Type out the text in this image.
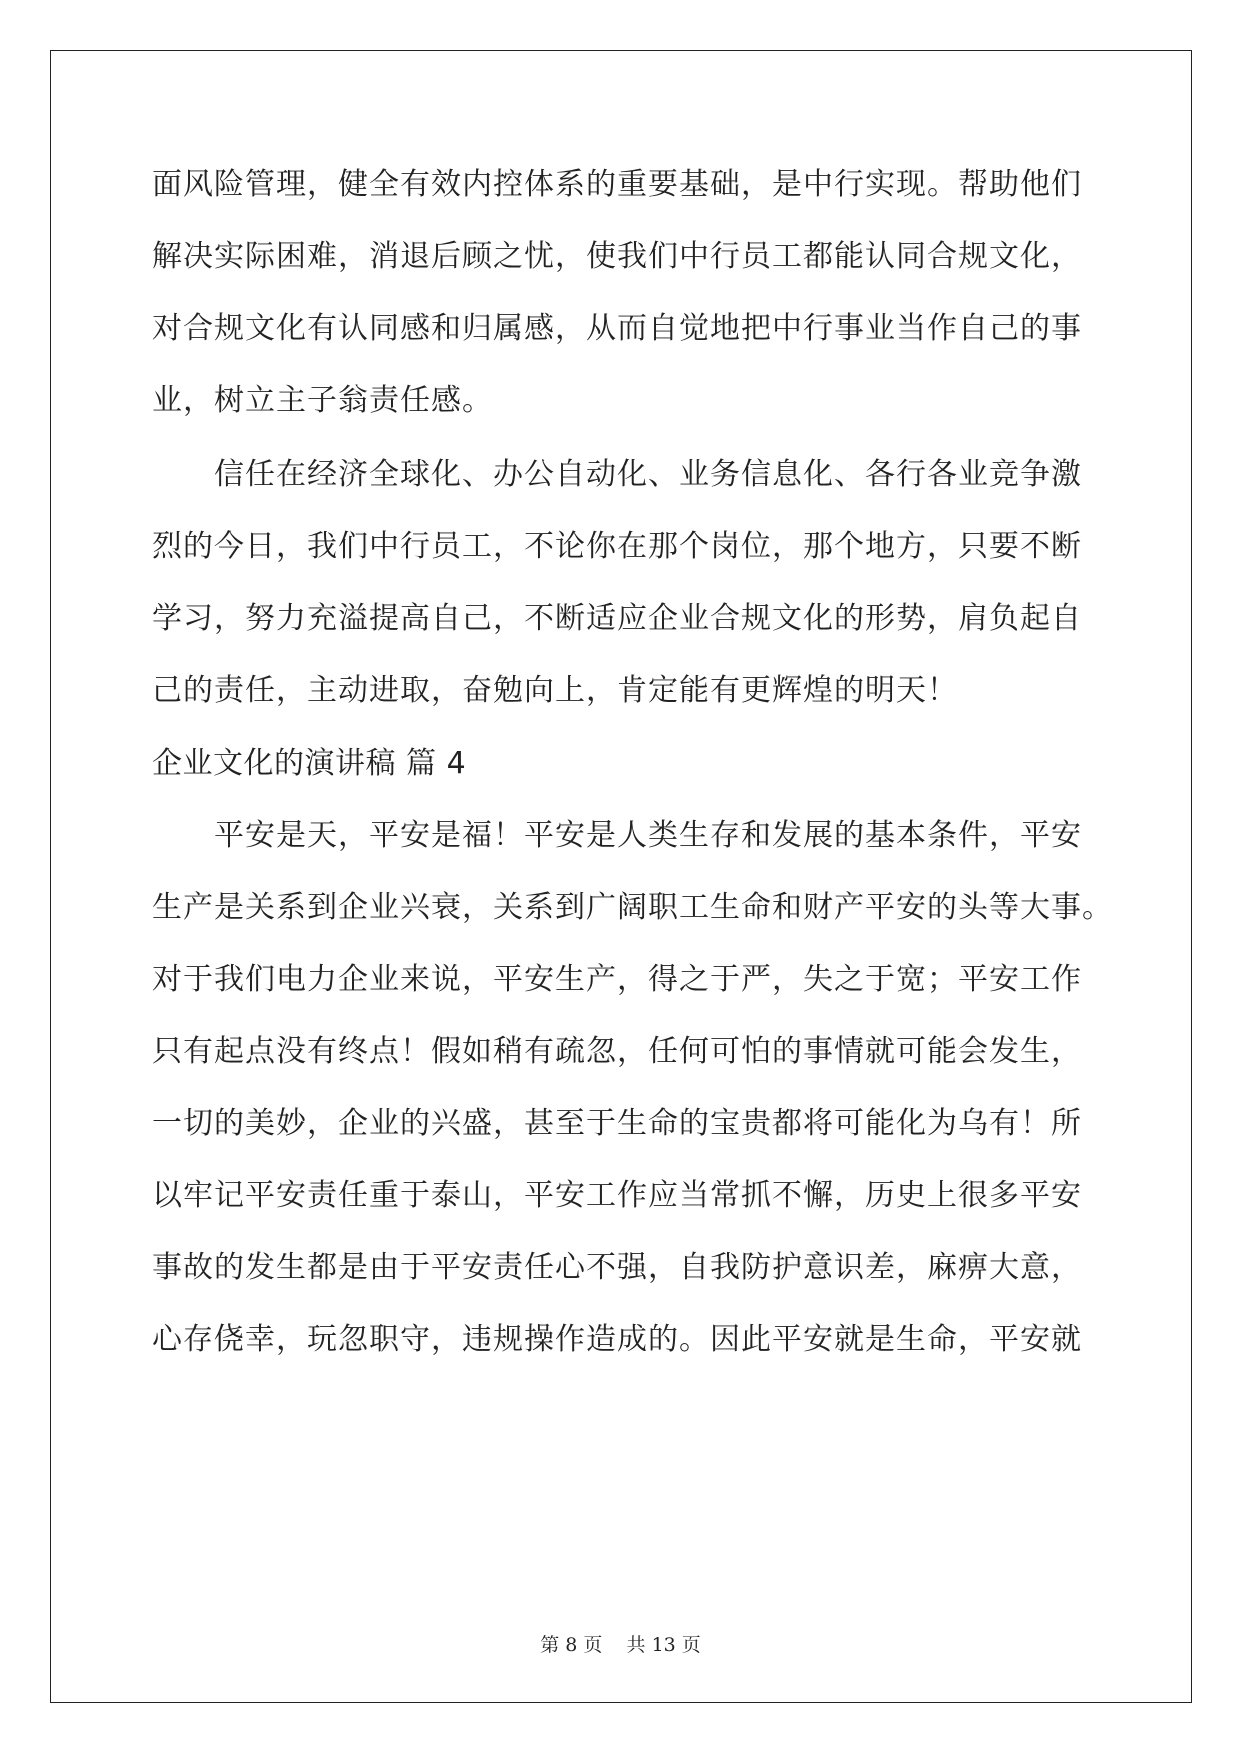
面风险管理，健全有效内控体系的重要基础，是中行实现。帮助他们
解决实际困难，消退后顾之忧，使我们中行员工都能认同合规文化，
对合规文化有认同感和归属感，从而自觉地把中行事业当作自己的事
业，树立主子翁责任感。
信任在经济全球化、办公自动化、业务信息化、各行各业竞争激
烈的今日，我们中行员工，不论你在那个岗位，那个地方，只要不断
学习，努力充溢提高自己，不断适应企业合规文化的形势，肩负起自
己的责任，主动进取，奋勉向上，肯定能有更辉煌的明天！
企业文化的演讲稿 篇 4
平安是天，平安是福！平安是人类生存和发展的基本条件，平安
生产是关系到企业兴衰，关系到广阔职工生命和财产平安的头等大事。
对于我们电力企业来说，平安生产，得之于严，失之于宽；平安工作
只有起点没有终点！假如稍有疏忽，任何可怕的事情就可能会发生，
一切的美妙，企业的兴盛，甚至于生命的宝贵都将可能化为乌有！所
以牢记平安责任重于泰山，平安工作应当常抓不懈，历史上很多平安
事故的发生都是由于平安责任心不强，自我防护意识差，麻痹大意，
心存侥幸，玩忽职守，违规操作造成的。因此平安就是生命，平安就
第 8 页 共 13 页
